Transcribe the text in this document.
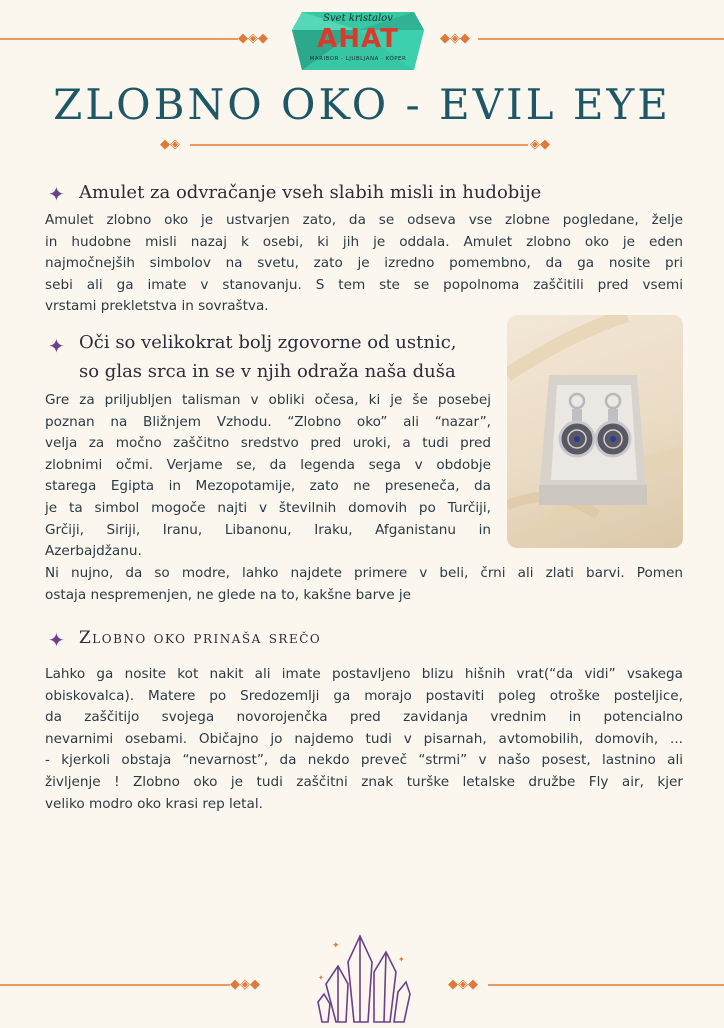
◆◈◆	◆◈◆
Svet kristalov
AHAT
MARIBOR · LJUBLJANA · KOPER
ZLOBNO OKO - EVIL EYE
◆◈	◈◆
✦ Amulet za odvračanje vseh slabih misli in hudobije
Amulet zlobno oko je ustvarjen zato, da se odseva vse zlobne pogledane, želje
in hudobne misli nazaj k osebi, ki jih je oddala. Amulet zlobno oko je eden
najmočnejših simbolov na svetu, zato je izredno pomembno, da ga nosite pri
sebi ali ga imate v stanovanju. S tem ste se popolnoma zaščitili pred vsemi
vrstami prekletstva in sovraštva.
✦ Oči so velikokrat bolj zgovorne od ustnic,
so glas srca in se v njih odraža naša duša
Gre za priljubljen talisman v obliki očesa, ki je še posebej
poznan na Bližnjem Vzhodu. “Zlobno oko” ali “nazar”,
velja za močno zaščitno sredstvo pred uroki, a tudi pred
zlobnimi očmi. Verjame se, da legenda sega v obdobje
starega Egipta in Mezopotamije, zato ne preseneča, da
je ta simbol mogoče najti v številnih domovih po Turčiji,
Grčiji,   Siriji,   Iranu,   Libanonu,   Iraku,   Afganistanu   in
Azerbajdžanu.
Ni nujno, da so modre, lahko najdete primere v beli, črni ali zlati barvi. Pomen
ostaja nespremenjen, ne glede na to, kakšne barve je
✦ Zlobno oko prinaša srečo
Lahko ga nosite kot nakit ali imate postavljeno blizu hišnih vrat(“da vidi” vsakega
obiskovalca). Matere po Sredozemlji ga morajo postaviti poleg otroške posteljice,
da zaščitijo svojega novorojenčka pred zavidanja vrednim in potencialno
nevarnimi osebami. Običajno jo najdemo tudi v pisarnah, avtomobilih, domovih, ...
- kjerkoli obstaja “nevarnost”, da nekdo preveč “strmi” v našo posest, lastnino ali
življenje ! Zlobno oko je tudi zaščitni znak turške letalske družbe Fly air, kjer
veliko modro oko krasi rep letal.
◆◈◆	◆◈◆
✦
✦
✦
